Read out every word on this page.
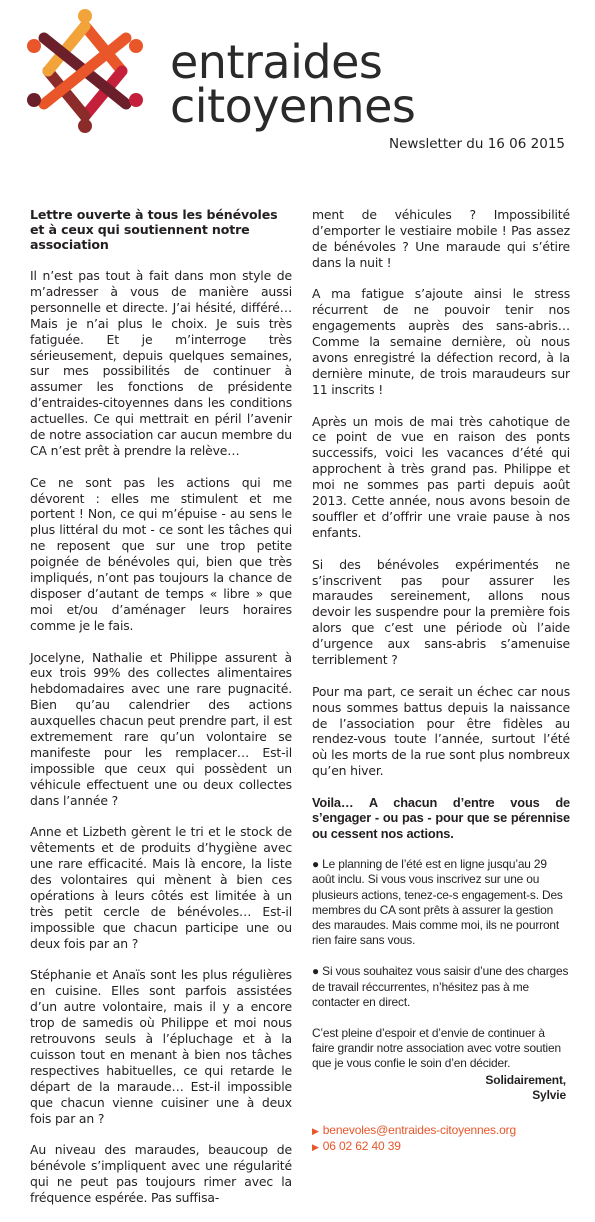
entraides
citoyennes
Newsletter du 16 06 2015
Lettre ouverte à tous les bénévoles
et à ceux qui soutiennent notre association

Il n’est pas tout à fait dans mon style de m’adresser à vous de manière aussi personnelle et directe. J’ai hésité, différé… Mais je n’ai plus le choix. Je suis très fatiguée. Et je m’interroge très sérieusement, depuis quelques semaines, sur mes possibilités de continuer à assumer les fonctions de présidente d’entraides-citoyennes dans les conditions actuelles. Ce qui mettrait en péril l’avenir de notre association car aucun membre du CA n’est prêt à prendre la relève…

Ce ne sont pas les actions qui me dévorent : elles me stimulent et me portent ! Non, ce qui m’épuise - au sens le plus littéral du mot - ce sont les tâches qui ne reposent que sur une trop petite poignée de bénévoles qui, bien que très impliqués, n’ont pas toujours la chance de disposer d’autant de temps « libre » que moi et/ou d’aménager leurs horaires comme je le fais.

Jocelyne, Nathalie et Philippe assurent à eux trois 99% des collectes alimentaires hebdomadaires avec une rare pugnacité. Bien qu’au calendrier des actions auxquelles chacun peut prendre part, il est extremement rare qu’un volontaire se manifeste pour les remplacer… Est-il impossible que ceux qui possèdent un véhicule effectuent une ou deux collectes dans l’année ?

Anne et Lizbeth gèrent le tri et le stock de vêtements et de produits d’hygiène avec une rare efficacité. Mais là encore, la liste des volontaires qui mènent à bien ces opérations à leurs côtés est limitée à un très petit cercle de bénévoles… Est-il impossible que chacun participe une ou deux fois par an ?

Stéphanie et Anaïs sont les plus régulières en cuisine. Elles sont parfois assistées d’un autre volontaire, mais il y a encore trop de samedis où Philippe et moi nous retrouvons seuls à l’épluchage et à la cuisson tout en menant à bien nos tâches respectives habituelles, ce qui retarde le départ de la maraude… Est-il impossible que chacun vienne cuisiner une à deux fois par an ?

Au niveau des maraudes, beaucoup de bénévole s’impliquent avec une régularité qui ne peut pas toujours rimer avec la fréquence espérée. Pas suffisa-

ment de véhicules ? Impossibilité d’emporter le vestiaire mobile ! Pas assez de bénévoles ? Une maraude qui s’étire dans la nuit !

A ma fatigue s’ajoute ainsi le stress récurrent de ne pouvoir tenir nos engagements auprès des sans-abris… Comme la semaine dernière, où nous avons enregistré la défection record, à la dernière minute, de trois maraudeurs sur 11 inscrits !

Après un mois de mai très cahotique de ce point de vue en raison des ponts successifs, voici les vacances d’été qui approchent à très grand pas. Philippe et moi ne sommes pas parti depuis août 2013. Cette année, nous avons besoin de souffler et d’offrir une vraie pause à nos enfants.

Si des bénévoles expérimentés ne s’inscrivent pas pour assurer les maraudes sereinement, allons nous devoir les suspendre pour la première fois alors que c’est une période où l’aide d’urgence aux sans-abris s’amenuise terriblement ?

Pour ma part, ce serait un échec car nous nous sommes battus depuis la naissance de l’association pour être fidèles au rendez-vous toute l’année, surtout l’été où les morts de la rue sont plus nombreux qu’en hiver.

Voila… A chacun d’entre vous de s’engager - ou pas - pour que se pérennise ou cessent nos actions.

● Le planning de l’été est en ligne jusqu’au 29 août inclu. Si vous vous inscrivez sur une ou plusieurs actions, tenez-ce-s engagement-s. Des membres du CA sont prêts à assurer la gestion des maraudes. Mais comme moi, ils ne pourront rien faire sans vous.

● Si vous souhaitez vous saisir d’une des charges de travail réccurrentes, n’hésitez pas à me contacter en direct.

C’est pleine d’espoir et d’envie de continuer à faire grandir notre association avec votre soutien que je vous confie le soin d’en décider.

Solidairement,
Sylvie
▶ benevoles@entraides-citoyennes.org
▶ 06 02 62 40 39
